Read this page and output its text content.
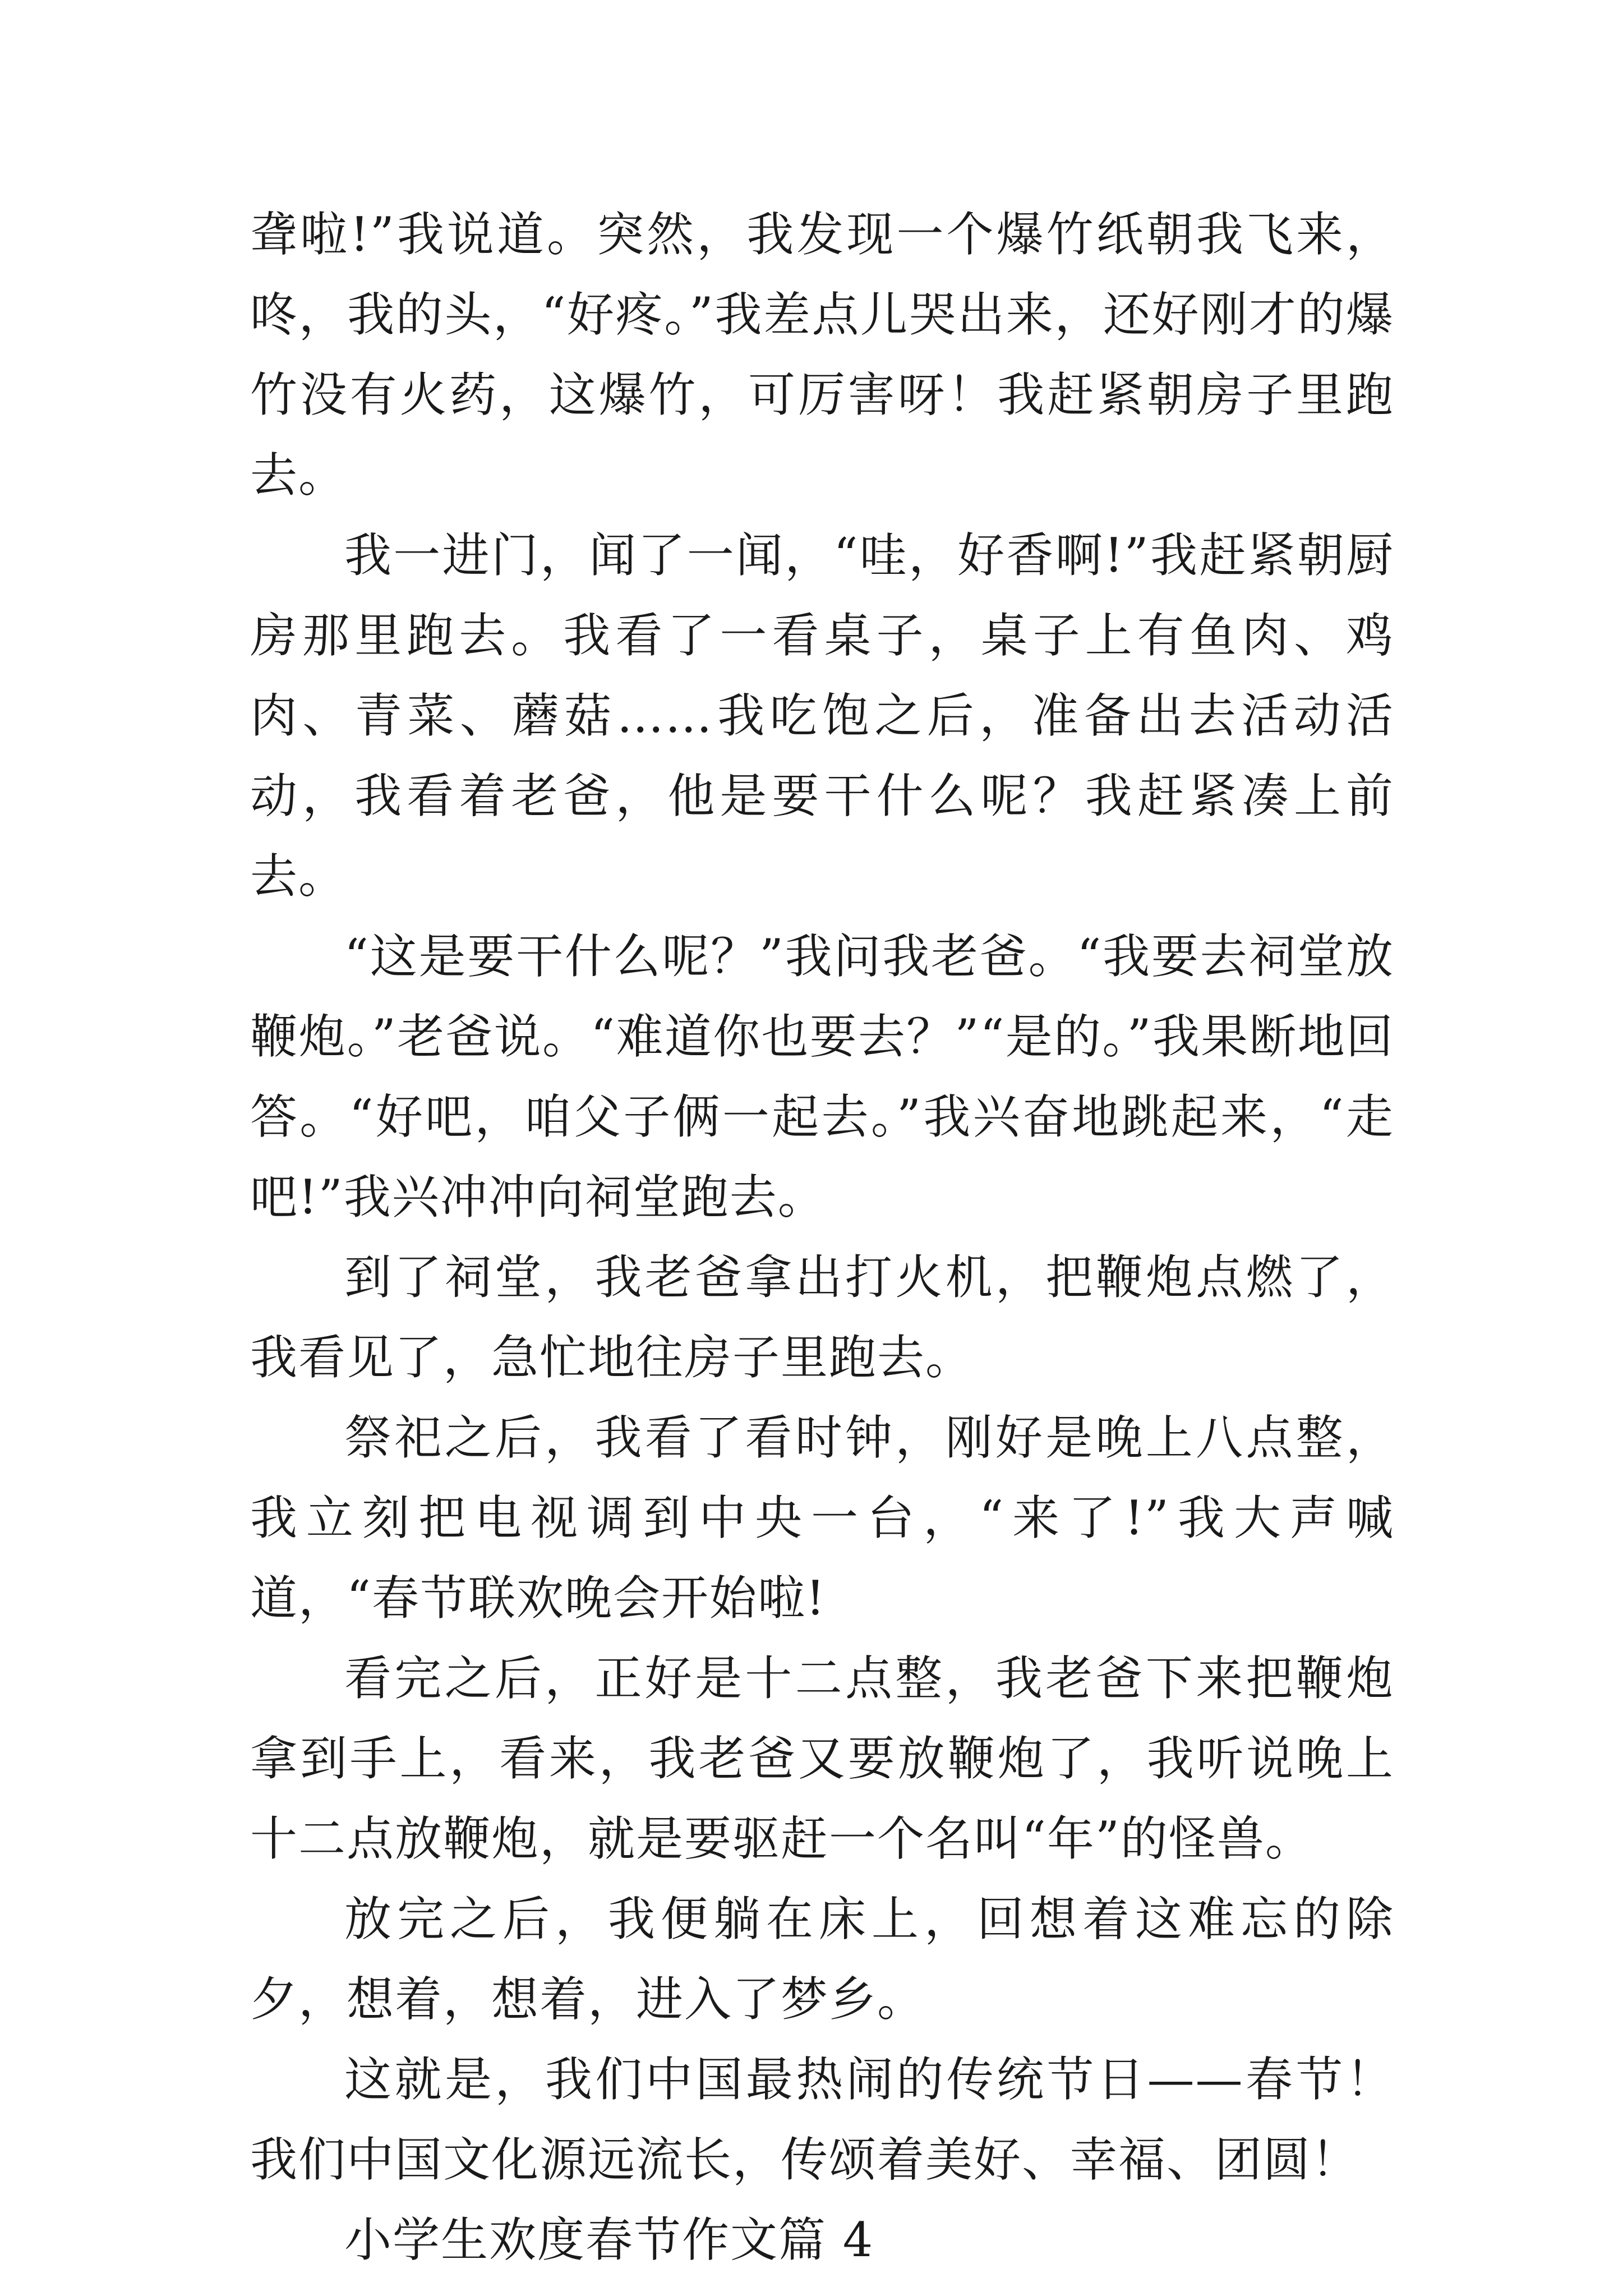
聋啦!”我说道。突然，我发现一个爆竹纸朝我飞来，咚，我的头，“好疼。”我差点儿哭出来，还好刚才的爆竹没有火药，这爆竹，可厉害呀！我赶紧朝房子里跑去。

我一进门，闻了一闻，“哇，好香啊!”我赶紧朝厨房那里跑去。我看了一看桌子，桌子上有鱼肉、鸡肉、青菜、蘑菇……我吃饱之后，准备出去活动活动，我看着老爸，他是要干什么呢？我赶紧凑上前去。

“这是要干什么呢？”我问我老爸。“我要去祠堂放鞭炮。”老爸说。“难道你也要去？”“是的。”我果断地回答。“好吧，咱父子俩一起去。”我兴奋地跳起来，“走吧!”我兴冲冲向祠堂跑去。

到了祠堂，我老爸拿出打火机，把鞭炮点燃了，我看见了，急忙地往房子里跑去。

祭祀之后，我看了看时钟，刚好是晚上八点整，我立刻把电视调到中央一台，“来了!”我大声喊道，“春节联欢晚会开始啦!

看完之后，正好是十二点整，我老爸下来把鞭炮拿到手上，看来，我老爸又要放鞭炮了，我听说晚上十二点放鞭炮，就是要驱赶一个名叫“年”的怪兽。

放完之后，我便躺在床上，回想着这难忘的除夕，想着，想着，进入了梦乡。

这就是，我们中国最热闹的传统节日——春节！我们中国文化源远流长，传颂着美好、幸福、团圆！

小学生欢度春节作文篇 4
